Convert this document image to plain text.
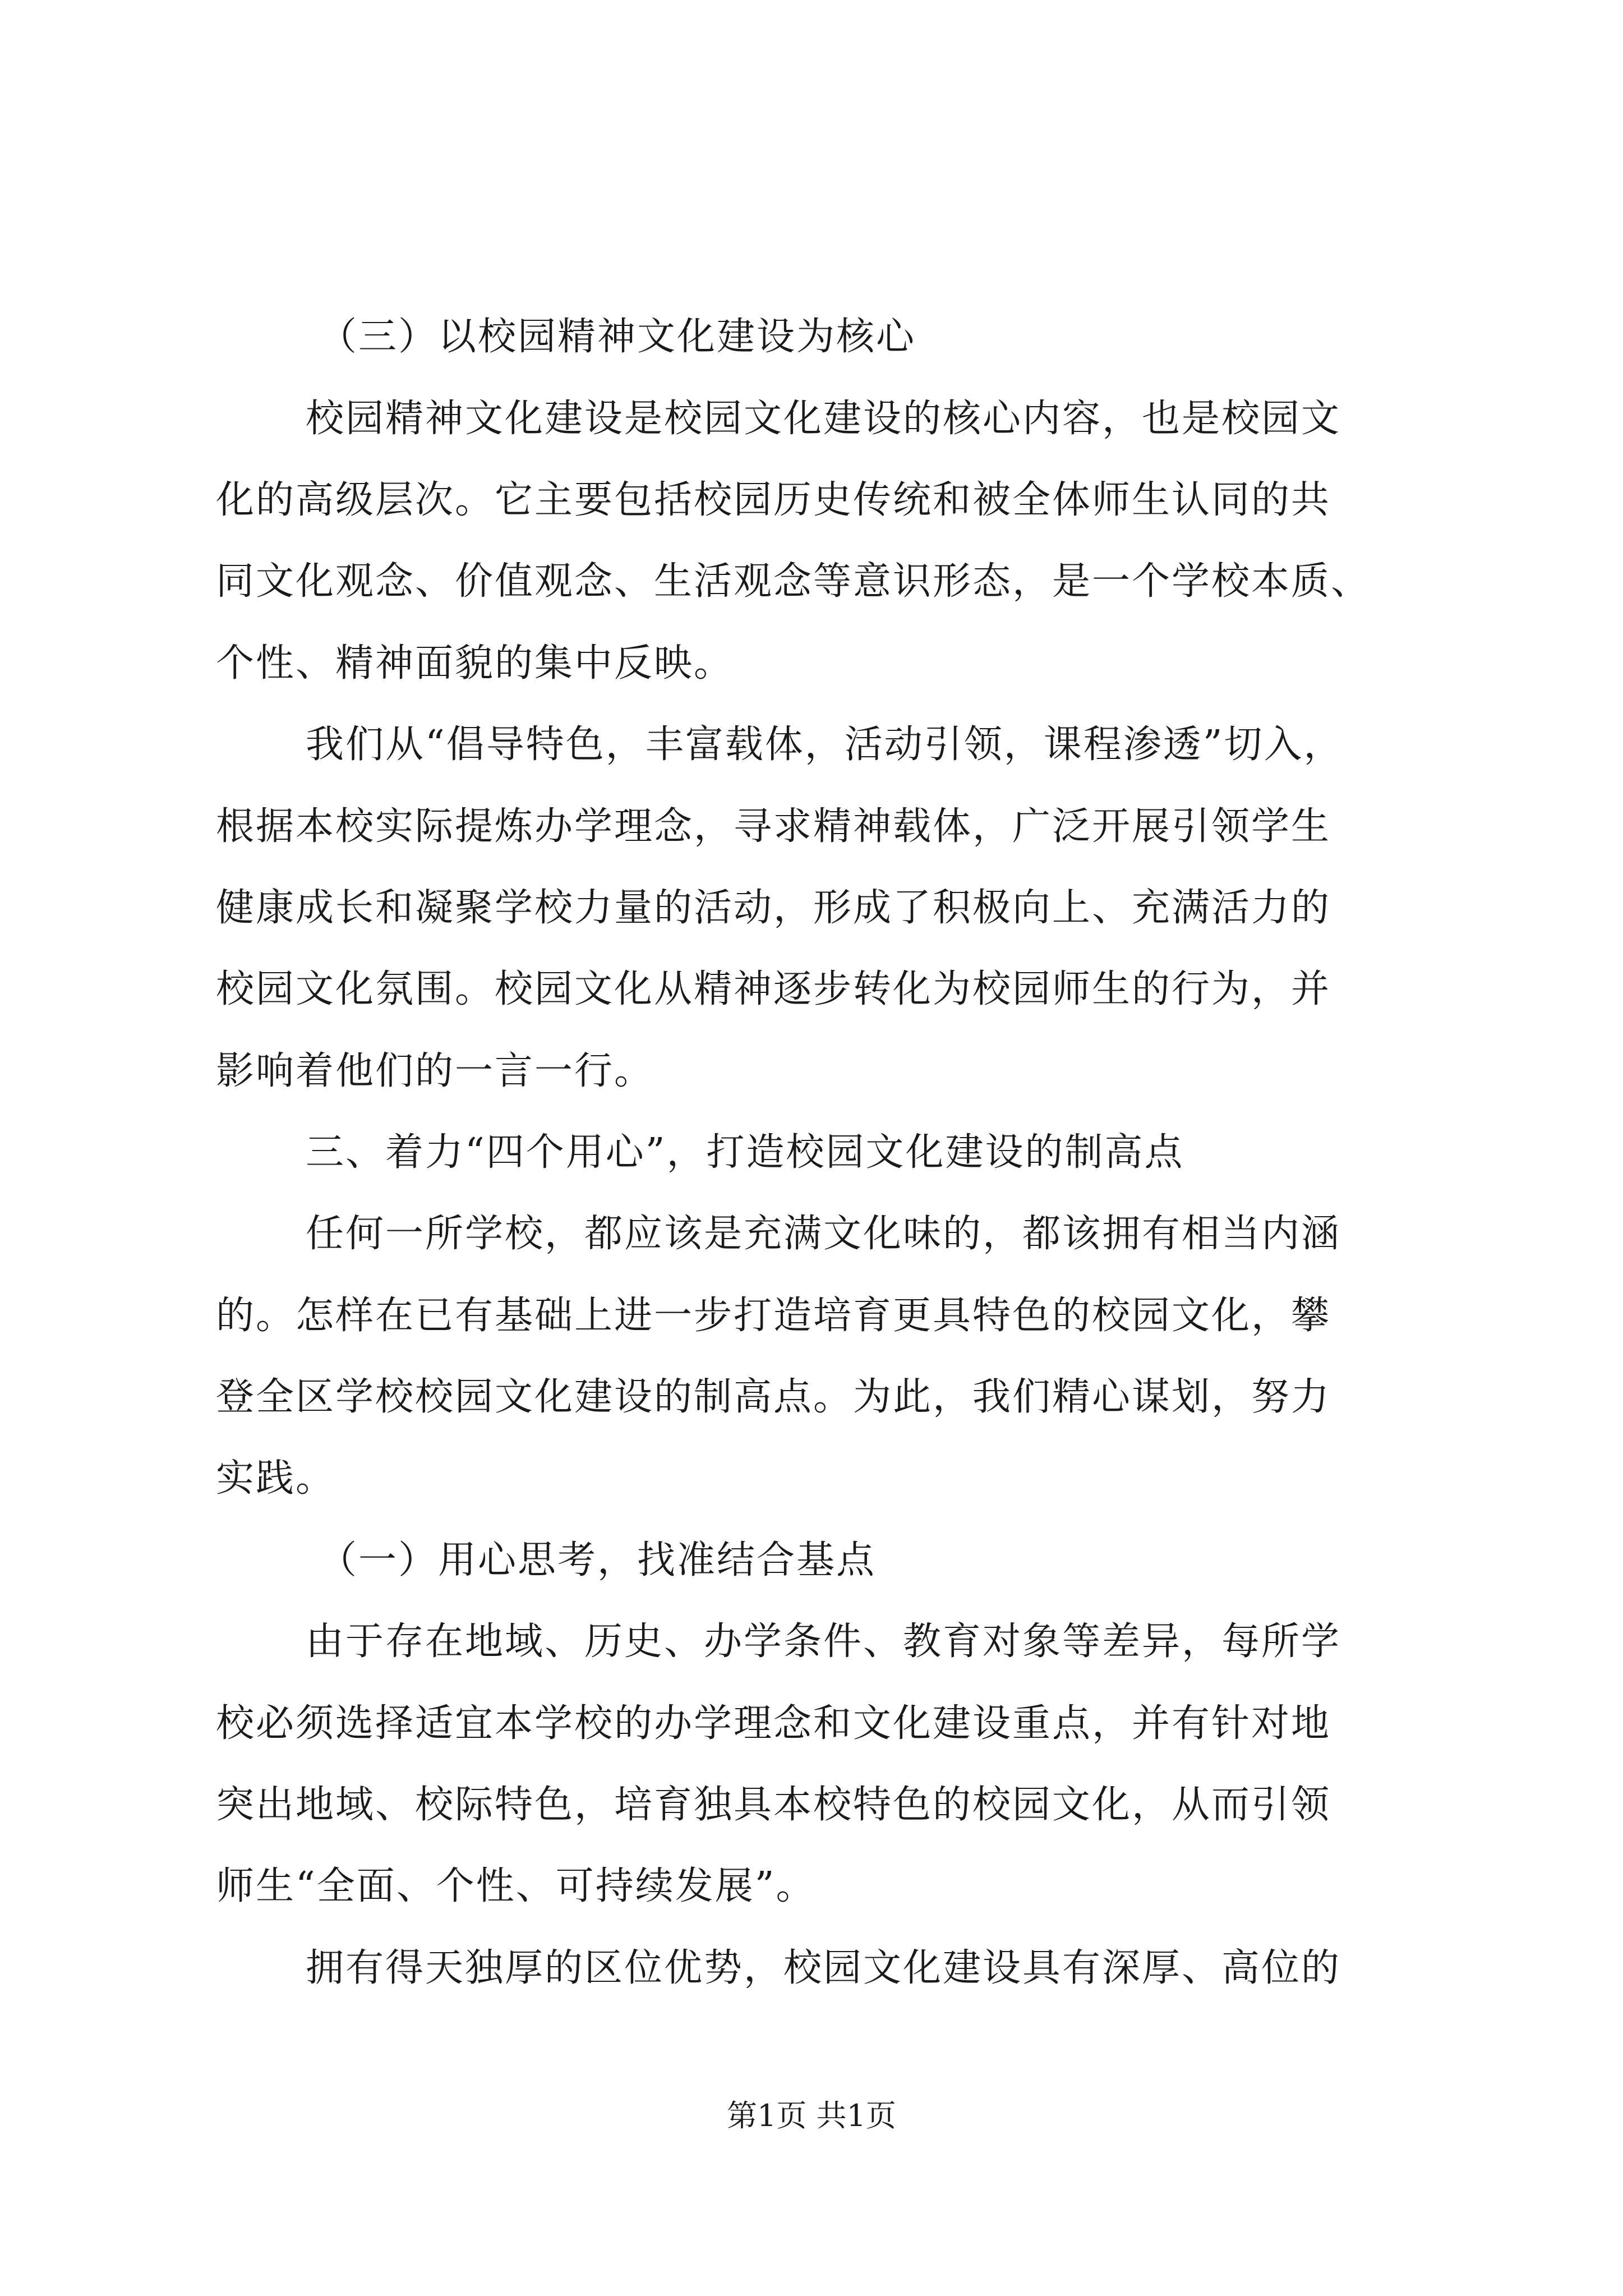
（三）以校园精神文化建设为核心
校园精神文化建设是校园文化建设的核心内容，也是校园文
化的高级层次。它主要包括校园历史传统和被全体师生认同的共
同文化观念、价值观念、生活观念等意识形态，是一个学校本质、
个性、精神面貌的集中反映。
我们从“倡导特色，丰富载体，活动引领，课程渗透”切入，
根据本校实际提炼办学理念，寻求精神载体，广泛开展引领学生
健康成长和凝聚学校力量的活动，形成了积极向上、充满活力的
校园文化氛围。校园文化从精神逐步转化为校园师生的行为，并
影响着他们的一言一行。
三、着力“四个用心”，打造校园文化建设的制高点
任何一所学校，都应该是充满文化味的，都该拥有相当内涵
的。怎样在已有基础上进一步打造培育更具特色的校园文化，攀
登全区学校校园文化建设的制高点。为此，我们精心谋划，努力
实践。
（一）用心思考，找准结合基点
由于存在地域、历史、办学条件、教育对象等差异，每所学
校必须选择适宜本学校的办学理念和文化建设重点，并有针对地
突出地域、校际特色，培育独具本校特色的校园文化，从而引领
师生“全面、个性、可持续发展”。
拥有得天独厚的区位优势，校园文化建设具有深厚、高位的
第1页 共1页
